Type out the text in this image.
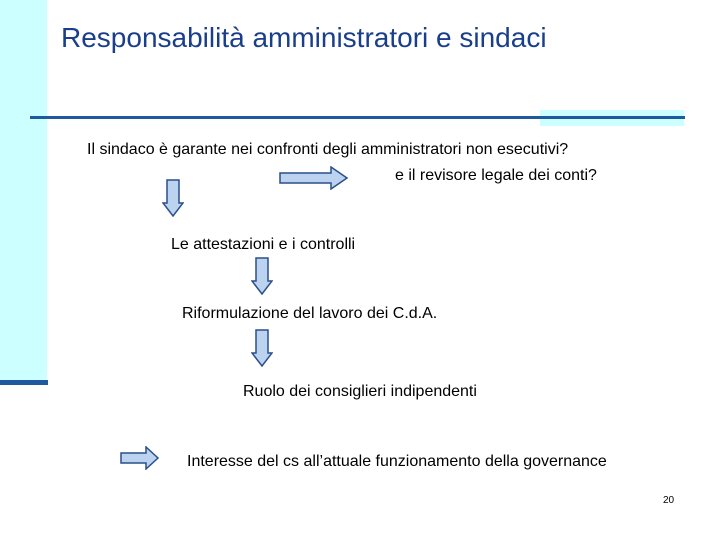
Responsabilità amministratori e sindaci

Il sindaco è garante nei confronti degli amministratori non esecutivi?

e il revisore legale dei conti?

Le attestazioni e i controlli

Riformulazione del lavoro dei C.d.A.

Ruolo dei consiglieri indipendenti

Interesse del cs all’attuale funzionamento della governance

20
